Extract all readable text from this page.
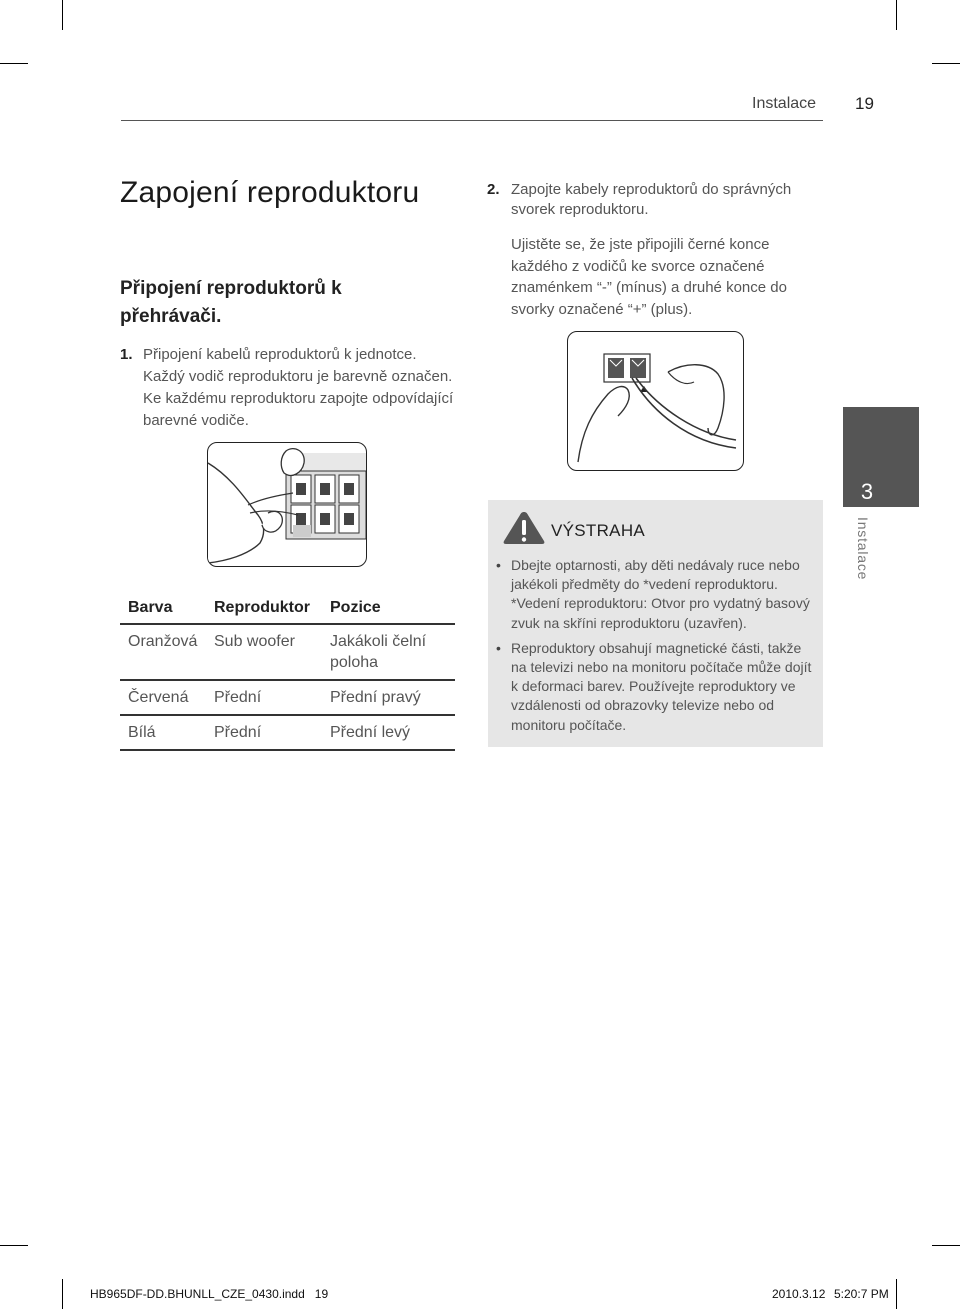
Instalace 19
Zapojení reproduktoru
Připojení reproduktorů k přehrávači.
1. Připojení kabelů reproduktorů k jednotce. Každý vodič reproduktoru je barevně označen. Ke každému reproduktoru zapojte odpovídající barevné vodiče.
2. Zapojte kabely reproduktorů do správných svorek reproduktoru.
Ujistěte se, že jste připojili černé konce každého z vodičů ke svorce označené znaménkem “-” (mínus) a druhé konce do svorky označené “+” (plus).
Barva	Reproduktor	Pozice
Oranžová	Sub woofer	Jakákoli čelní poloha
Červená	Přední	Přední pravý
Bílá	Přední	Přední levý
VÝSTRAHA
• Dbejte optarnosti, aby děti nedávaly ruce nebo jakékoli předměty do *vedení reproduktoru. *Vedení reproduktoru: Otvor pro vydatný basový zvuk na skříni reproduktoru (uzavřen).
• Reproduktory obsahují magnetické části, takže na televizi nebo na monitoru počítače může dojít k deformaci barev. Používejte reproduktory ve vzdálenosti od obrazovky televize nebo od monitoru počítače.
3
Instalace
HB965DF-DD.BHUNLL_CZE_0430.indd   19	2010.3.12 5:20:7 PM
